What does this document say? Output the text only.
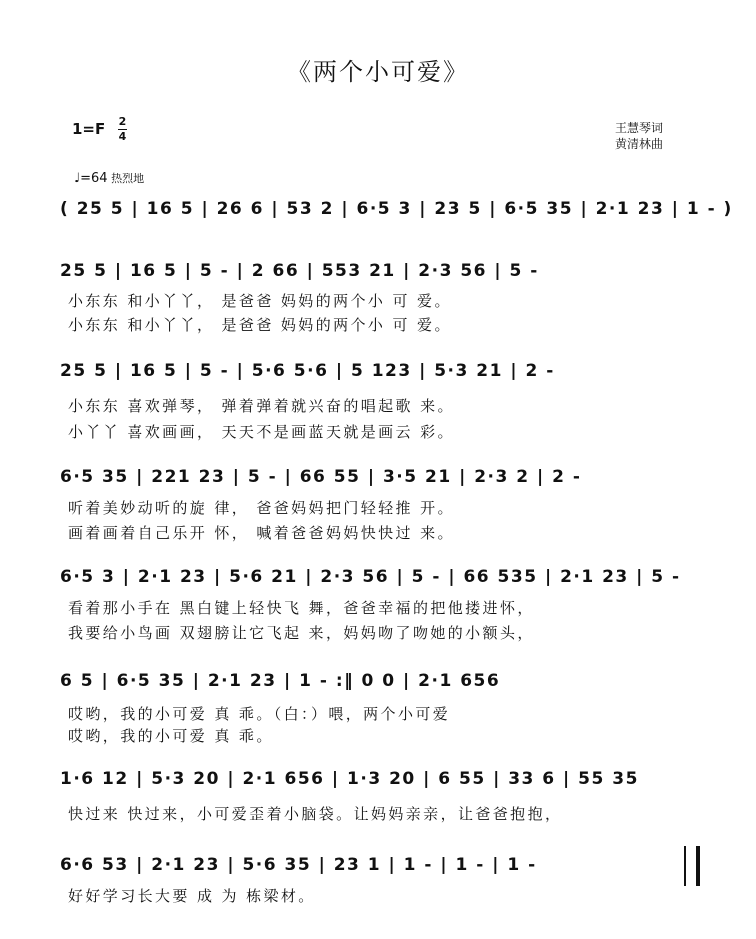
《两个小可爱》
1=F 2
4
王慧琴词
黄清林曲
♩=64 热烈地
( 25 5 | 16 5 | 26 6 | 53 2 | 6·5 3 | 23 5 | 6·5 35 | 2·1 23 | 1 - )
25 5 | 16 5 | 5 - | 2 66 | 553 21 | 2·3 56 | 5 -
小东东 和小丫丫， 是爸爸 妈妈的两个小 可 爱。
小东东 和小丫丫， 是爸爸 妈妈的两个小 可 爱。
25 5 | 16 5 | 5 - | 5·6 5·6 | 5 123 | 5·3 21 | 2 -
小东东 喜欢弹琴， 弹着弹着就兴奋的唱起歌 来。
小丫丫 喜欢画画， 天天不是画蓝天就是画云 彩。
6·5 35 | 221 23 | 5 - | 66 55 | 3·5 21 | 2·3 2 | 2 -
听着美妙动听的旋 律， 爸爸妈妈把门轻轻推 开。
画着画着自己乐开 怀， 喊着爸爸妈妈快快过 来。
6·5 3 | 2·1 23 | 5·6 21 | 2·3 56 | 5 - | 66 535 | 2·1 23 | 5 -
看着那小手在 黑白键上轻快飞 舞，爸爸幸福的把他搂进怀，
我要给小鸟画 双翅膀让它飞起 来，妈妈吻了吻她的小额头，
6 5 | 6·5 35 | 2·1 23 | 1 - :‖ 0 0 | 2·1 656
哎哟，我的小可爱 真 乖。（白：）喂，两个小可爱
哎哟，我的小可爱 真 乖。
1·6 12 | 5·3 20 | 2·1 656 | 1·3 20 | 6 55 | 33 6 | 55 35
快过来 快过来，小可爱歪着小脑袋。让妈妈亲亲，让爸爸抱抱，
6·6 53 | 2·1 23 | 5·6 35 | 23 1 | 1 - | 1 - | 1 -
好好学习长大要 成 为 栋梁材。
